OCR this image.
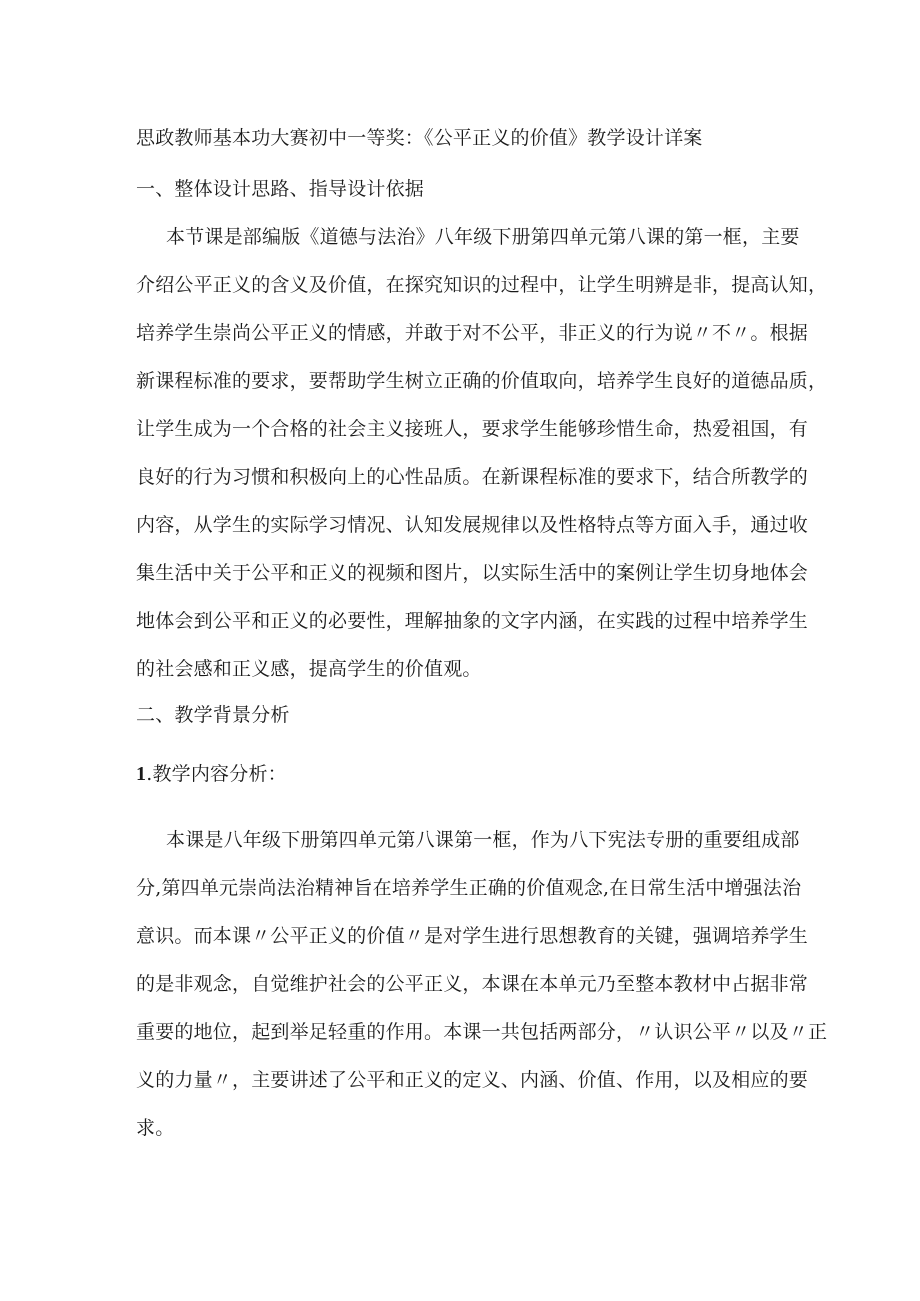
思政教师基本功大赛初中一等奖：《公平正义的价值》教学设计详案
一、整体设计思路、指导设计依据
本节课是部编版《道德与法治》八年级下册第四单元第八课的第一框，主要
介绍公平正义的含义及价值，在探究知识的过程中，让学生明辨是非，提高认知，
培养学生崇尚公平正义的情感，并敢于对不公平，非正义的行为说〃不〃。根据
新课程标准的要求，要帮助学生树立正确的价值取向，培养学生良好的道德品质，
让学生成为一个合格的社会主义接班人，要求学生能够珍惜生命，热爱祖国，有
良好的行为习惯和积极向上的心性品质。在新课程标准的要求下，结合所教学的
内容，从学生的实际学习情况、认知发展规律以及性格特点等方面入手，通过收
集生活中关于公平和正义的视频和图片，以实际生活中的案例让学生切身地体会
地体会到公平和正义的必要性，理解抽象的文字内涵，在实践的过程中培养学生
的社会感和正义感，提高学生的价值观。
二、教学背景分析
1.教学内容分析：
本课是八年级下册第四单元第八课第一框，作为八下宪法专册的重要组成部
分,第四单元崇尚法治精神旨在培养学生正确的价值观念,在日常生活中增强法治
意识。而本课〃公平正义的价值〃是对学生进行思想教育的关键，强调培养学生
的是非观念，自觉维护社会的公平正义，本课在本单元乃至整本教材中占据非常
重要的地位，起到举足轻重的作用。本课一共包括两部分，〃认识公平〃以及〃正
义的力量〃，主要讲述了公平和正义的定义、内涵、价值、作用，以及相应的要
求。
